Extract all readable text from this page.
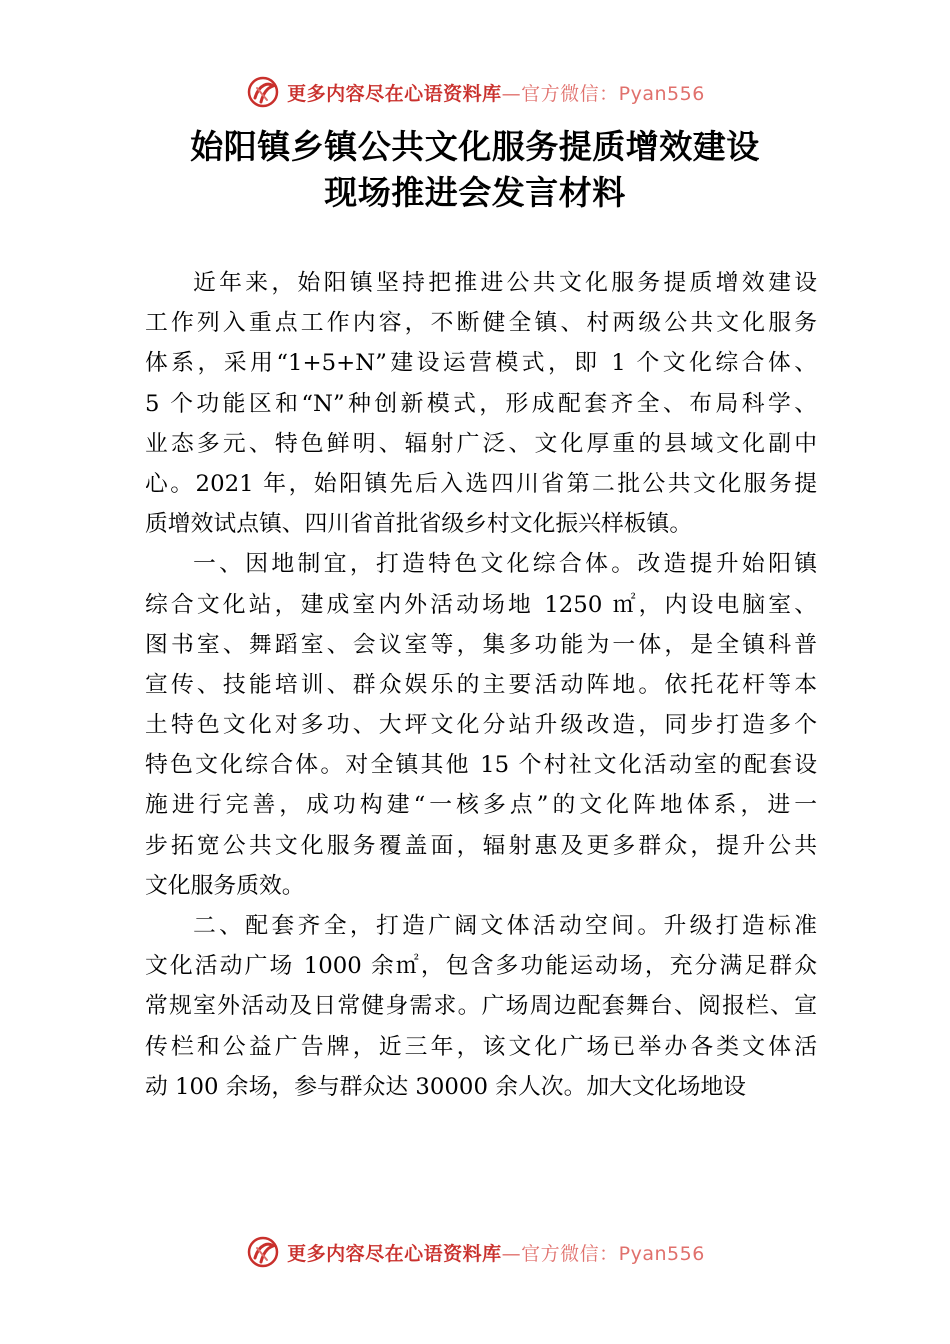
更多内容尽在心语资料库—官方微信：Pyan556
始阳镇乡镇公共文化服务提质增效建设
现场推进会发言材料
近年来，始阳镇坚持把推进公共文化服务提质增效建设
工作列入重点工作内容，不断健全镇、村两级公共文化服务
体系，采用“1+5+N”建设运营模式，即 1 个文化综合体、
5 个功能区和“N”种创新模式，形成配套齐全、布局科学、
业态多元、特色鲜明、辐射广泛、文化厚重的县域文化副中
心。2021 年，始阳镇先后入选四川省第二批公共文化服务提
质增效试点镇、四川省首批省级乡村文化振兴样板镇。
一、因地制宜，打造特色文化综合体。改造提升始阳镇
综合文化站，建成室内外活动场地 1250 ㎡，内设电脑室、
图书室、舞蹈室、会议室等，集多功能为一体，是全镇科普
宣传、技能培训、群众娱乐的主要活动阵地。依托花杆等本
土特色文化对多功、大坪文化分站升级改造，同步打造多个
特色文化综合体。对全镇其他 15 个村社文化活动室的配套设
施进行完善，成功构建“一核多点”的文化阵地体系，进一
步拓宽公共文化服务覆盖面，辐射惠及更多群众，提升公共
文化服务质效。
二、配套齐全，打造广阔文体活动空间。升级打造标准
文化活动广场 1000 余㎡，包含多功能运动场，充分满足群众
常规室外活动及日常健身需求。广场周边配套舞台、阅报栏、宣
传栏和公益广告牌，近三年，该文化广场已举办各类文体活
动 100 余场，参与群众达 30000 余人次。加大文化场地设
更多内容尽在心语资料库—官方微信：Pyan556
